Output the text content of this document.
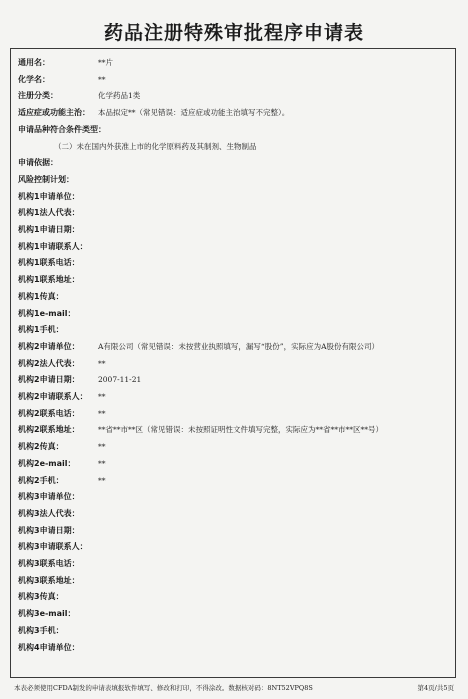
药品注册特殊审批程序申请表
通用名：	**片
化学名：	**
注册分类：	化学药品1类
适应症或功能主治： 本品拟定**（常见错误：适应症或功能主治填写不完整）。
申请品种符合条件类型：
（二）未在国内外获准上市的化学原料药及其制剂、生物制品
申请依据：
风险控制计划：
机构1申请单位：
机构1法人代表：
机构1申请日期：
机构1申请联系人：
机构1联系电话：
机构1联系地址：
机构1传真：
机构1e-mail：
机构1手机：
机构2申请单位： A有限公司（常见错误：未按营业执照填写，漏写“股份”，实际应为A股份有限公司）
机构2法人代表： **
机构2申请日期： 2007-11-21
机构2申请联系人： **
机构2联系电话： **
机构2联系地址： **省**市**区（常见错误：未按照证明性文件填写完整，实际应为**省**市**区**号）
机构2传真：	**
机构2e-mail：	**
机构2手机：	**
机构3申请单位：
机构3法人代表：
机构3申请日期：
机构3申请联系人：
机构3联系电话：
机构3联系地址：
机构3传真：
机构3e-mail：
机构3手机：
机构4申请单位：
本表必须使用CFDA制发的申请表填报软件填写、修改和打印，不得涂改。数据核对码：8NT52VPQ8S	第4页/共5页
